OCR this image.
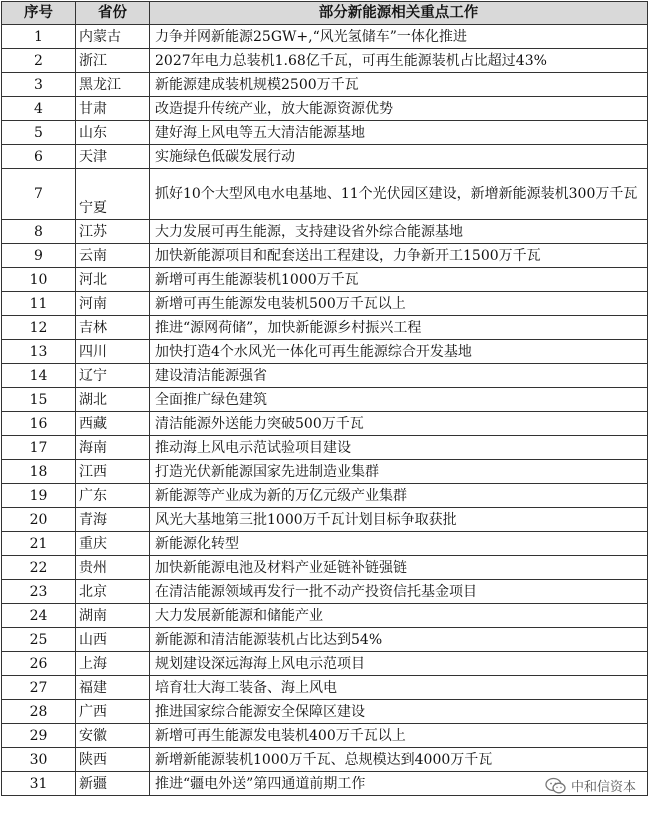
序号	省份	部分新能源相关重点工作
1	内蒙古	力争并网新能源25GW+,“风光氢储车”一体化推进
2	浙江	2027年电力总装机1.68亿千瓦，可再生能源装机占比超过43%
3	黑龙江	新能源建成装机规模2500万千瓦
4	甘肃	改造提升传统产业，放大能源资源优势
5	山东	建好海上风电等五大清洁能源基地
6	天津	实施绿色低碳发展行动
7	宁夏	抓好10个大型风电水电基地、11个光伏园区建设，新增新能源装机300万千瓦
8	江苏	大力发展可再生能源，支持建设省外综合能源基地
9	云南	加快新能源项目和配套送出工程建设，力争新开工1500万千瓦
10	河北	新增可再生能源装机1000万千瓦
11	河南	新增可再生能源发电装机500万千瓦以上
12	吉林	推进“源网荷储”，加快新能源乡村振兴工程
13	四川	加快打造4个水风光一体化可再生能源综合开发基地
14	辽宁	建设清洁能源强省
15	湖北	全面推广绿色建筑
16	西藏	清洁能源外送能力突破500万千瓦
17	海南	推动海上风电示范试验项目建设
18	江西	打造光伏新能源国家先进制造业集群
19	广东	新能源等产业成为新的万亿元级产业集群
20	青海	风光大基地第三批1000万千瓦计划目标争取获批
21	重庆	新能源化转型
22	贵州	加快新能源电池及材料产业延链补链强链
23	北京	在清洁能源领域再发行一批不动产投资信托基金项目
24	湖南	大力发展新能源和储能产业
25	山西	新能源和清洁能源装机占比达到54%
26	上海	规划建设深远海海上风电示范项目
27	福建	培育壮大海工装备、海上风电
28	广西	推进国家综合能源安全保障区建设
29	安徽	新增可再生能源发电装机400万千瓦以上
30	陕西	新增新能源装机1000万千瓦、总规模达到4000万千瓦
31	新疆	推进“疆电外送”第四通道前期工作	中和信资本
